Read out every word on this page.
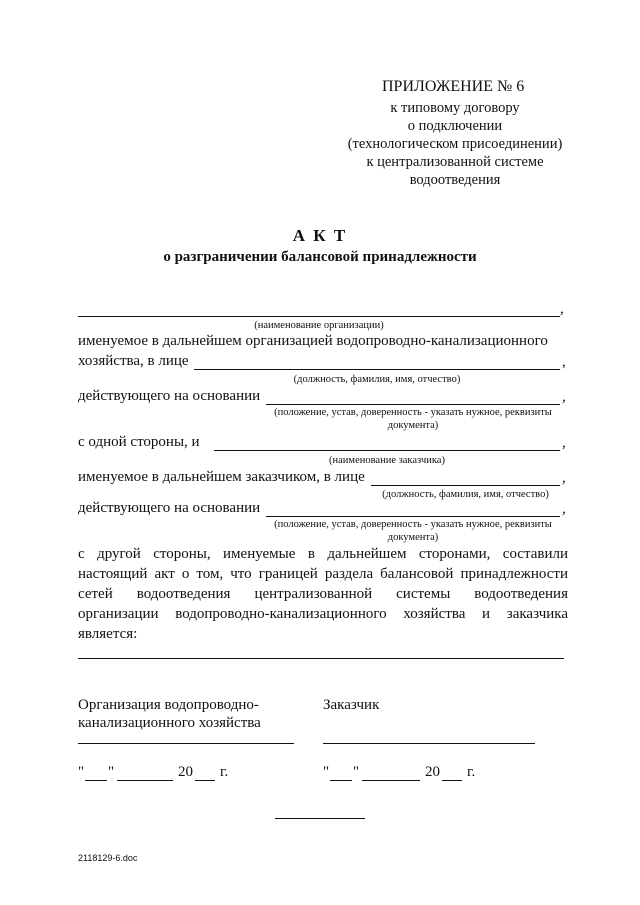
ПРИЛОЖЕНИЕ № 6
к типовому договору
о подключении
(технологическом присоединении)
к централизованной системе
водоотведения
А К Т
о разграничении балансовой принадлежности
,
(наименование организации)
именуемое в дальнейшем организацией водопроводно-канализационного
хозяйства, в лице	,
(должность, фамилия, имя, отчество)
действующего на основании	,
(положение, устав, доверенность - указать нужное, реквизиты
документа)
с одной стороны, и	,
(наименование заказчика)
именуемое в дальнейшем заказчиком, в лице	,
(должность, фамилия, имя, отчество)
действующего на основании	,
(положение, устав, доверенность - указать нужное, реквизиты
документа)
с другой стороны, именуемые в дальнейшем сторонами, составили
настоящий акт о том, что границей раздела балансовой принадлежности
сетей водоотведения централизованной системы водоотведения
организации водопроводно-канализационного хозяйства и заказчика
является:
Организация водопроводно-
канализационного хозяйства
Заказчик
" "	20 г.	" "	20 г.
2118129-6.doc
